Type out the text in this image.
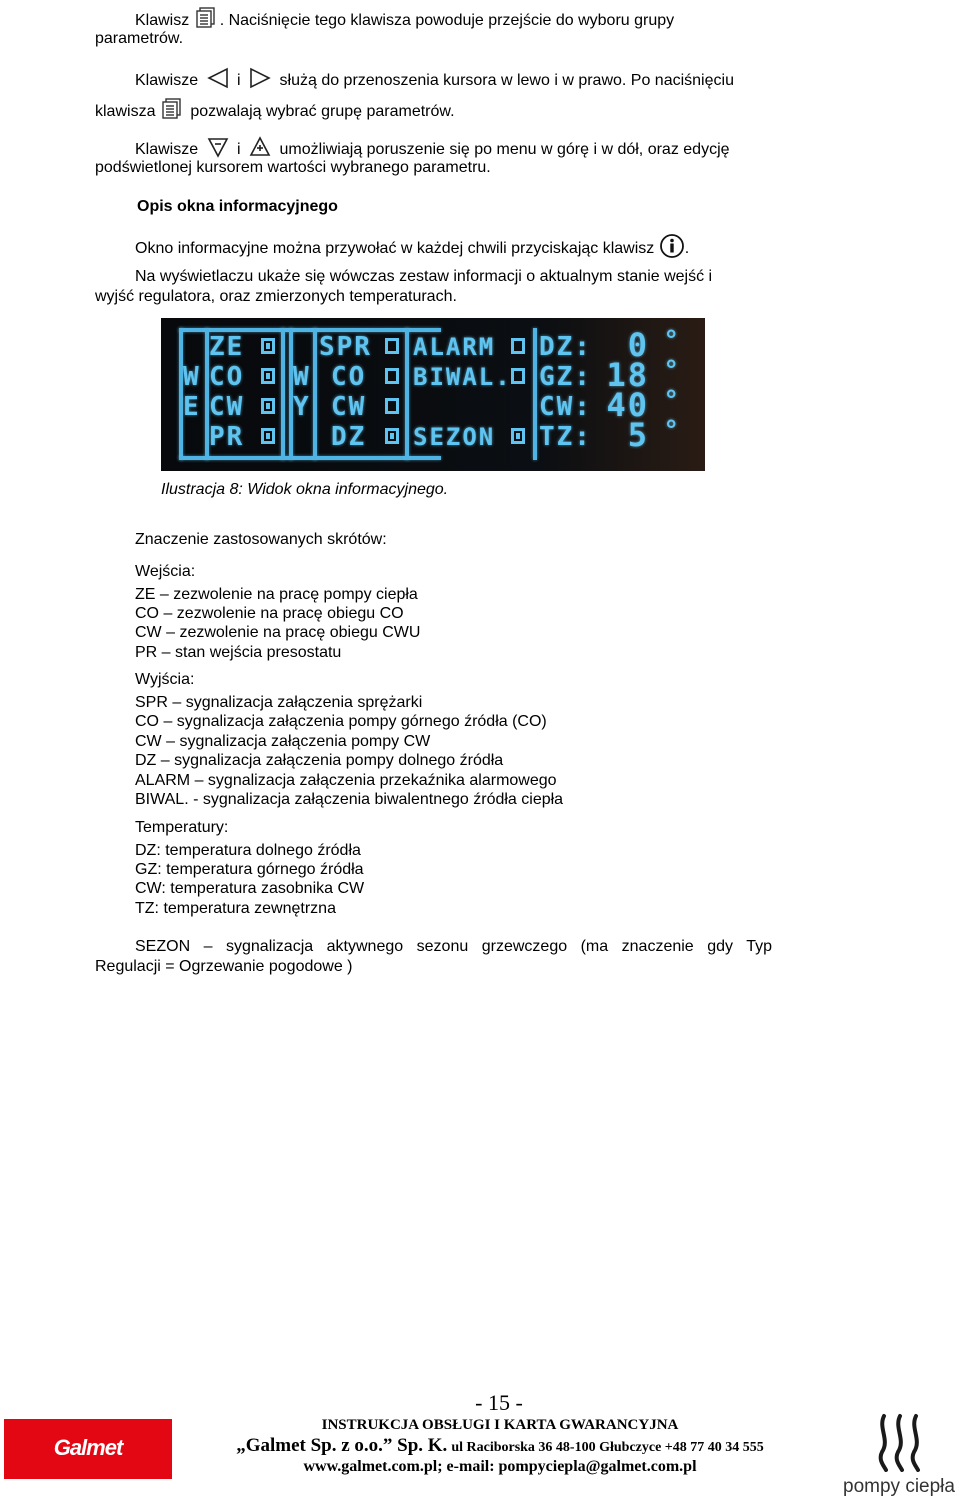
Klawisz . Naciśnięcie tego klawisza powoduje przejście do wyboru grupy
parametrów.
Klawisze i służą do przenoszenia kursora w lewo i w prawo. Po naciśnięciu
klawisza pozwalają wybrać grupę parametrów.
Klawisze i umożliwiają poruszenie się po menu w górę i w dół, oraz edycję
podświetlonej kursorem wartości wybranego parametru.
Opis okna informacyjnego
Okno informacyjne można przywołać w każdej chwili przyciskając klawisz .
Na wyświetlaczu ukaże się wówczas zestaw informacji o aktualnym stanie wejść i
wyjść regulatora, oraz zmierzonych temperaturach.
W
E
ZE
CO
CW
PR
W
Y
SPR
CO
CW
DZ
ALARM
BIWAL.
SEZON
DZ:
GZ:
CW:
TZ:
0
18
40
5
°
°
°
°
Ilustracja 8: Widok okna informacyjnego.
Znaczenie zastosowanych skrótów:
Wejścia:
ZE – zezwolenie na pracę pompy ciepła
CO – zezwolenie na pracę obiegu CO
CW – zezwolenie na pracę obiegu CWU
PR – stan wejścia presostatu
Wyjścia:
SPR – sygnalizacja załączenia sprężarki
CO – sygnalizacja załączenia pompy górnego źródła (CO)
CW – sygnalizacja załączenia pompy CW
DZ – sygnalizacja załączenia pompy dolnego źródła
ALARM – sygnalizacja załączenia przekaźnika alarmowego
BIWAL. - sygnalizacja załączenia biwalentnego źródła ciepła
Temperatury:
DZ: temperatura dolnego źródła
GZ: temperatura górnego źródła
CW: temperatura zasobnika CW
TZ: temperatura zewnętrzna
SEZON – sygnalizacja aktywnego sezonu grzewczego (ma znaczenie gdy Typ
Regulacji = Ogrzewanie pogodowe )
- 15 -
Galmet
INSTRUKCJA OBSŁUGI I KARTA GWARANCYJNA
„Galmet Sp. z o.o.” Sp. K. ul Raciborska 36 48-100 Głubczyce +48 77 40 34 555
www.galmet.com.pl; e-mail: pompyciepla@galmet.com.pl
pompy ciepła
